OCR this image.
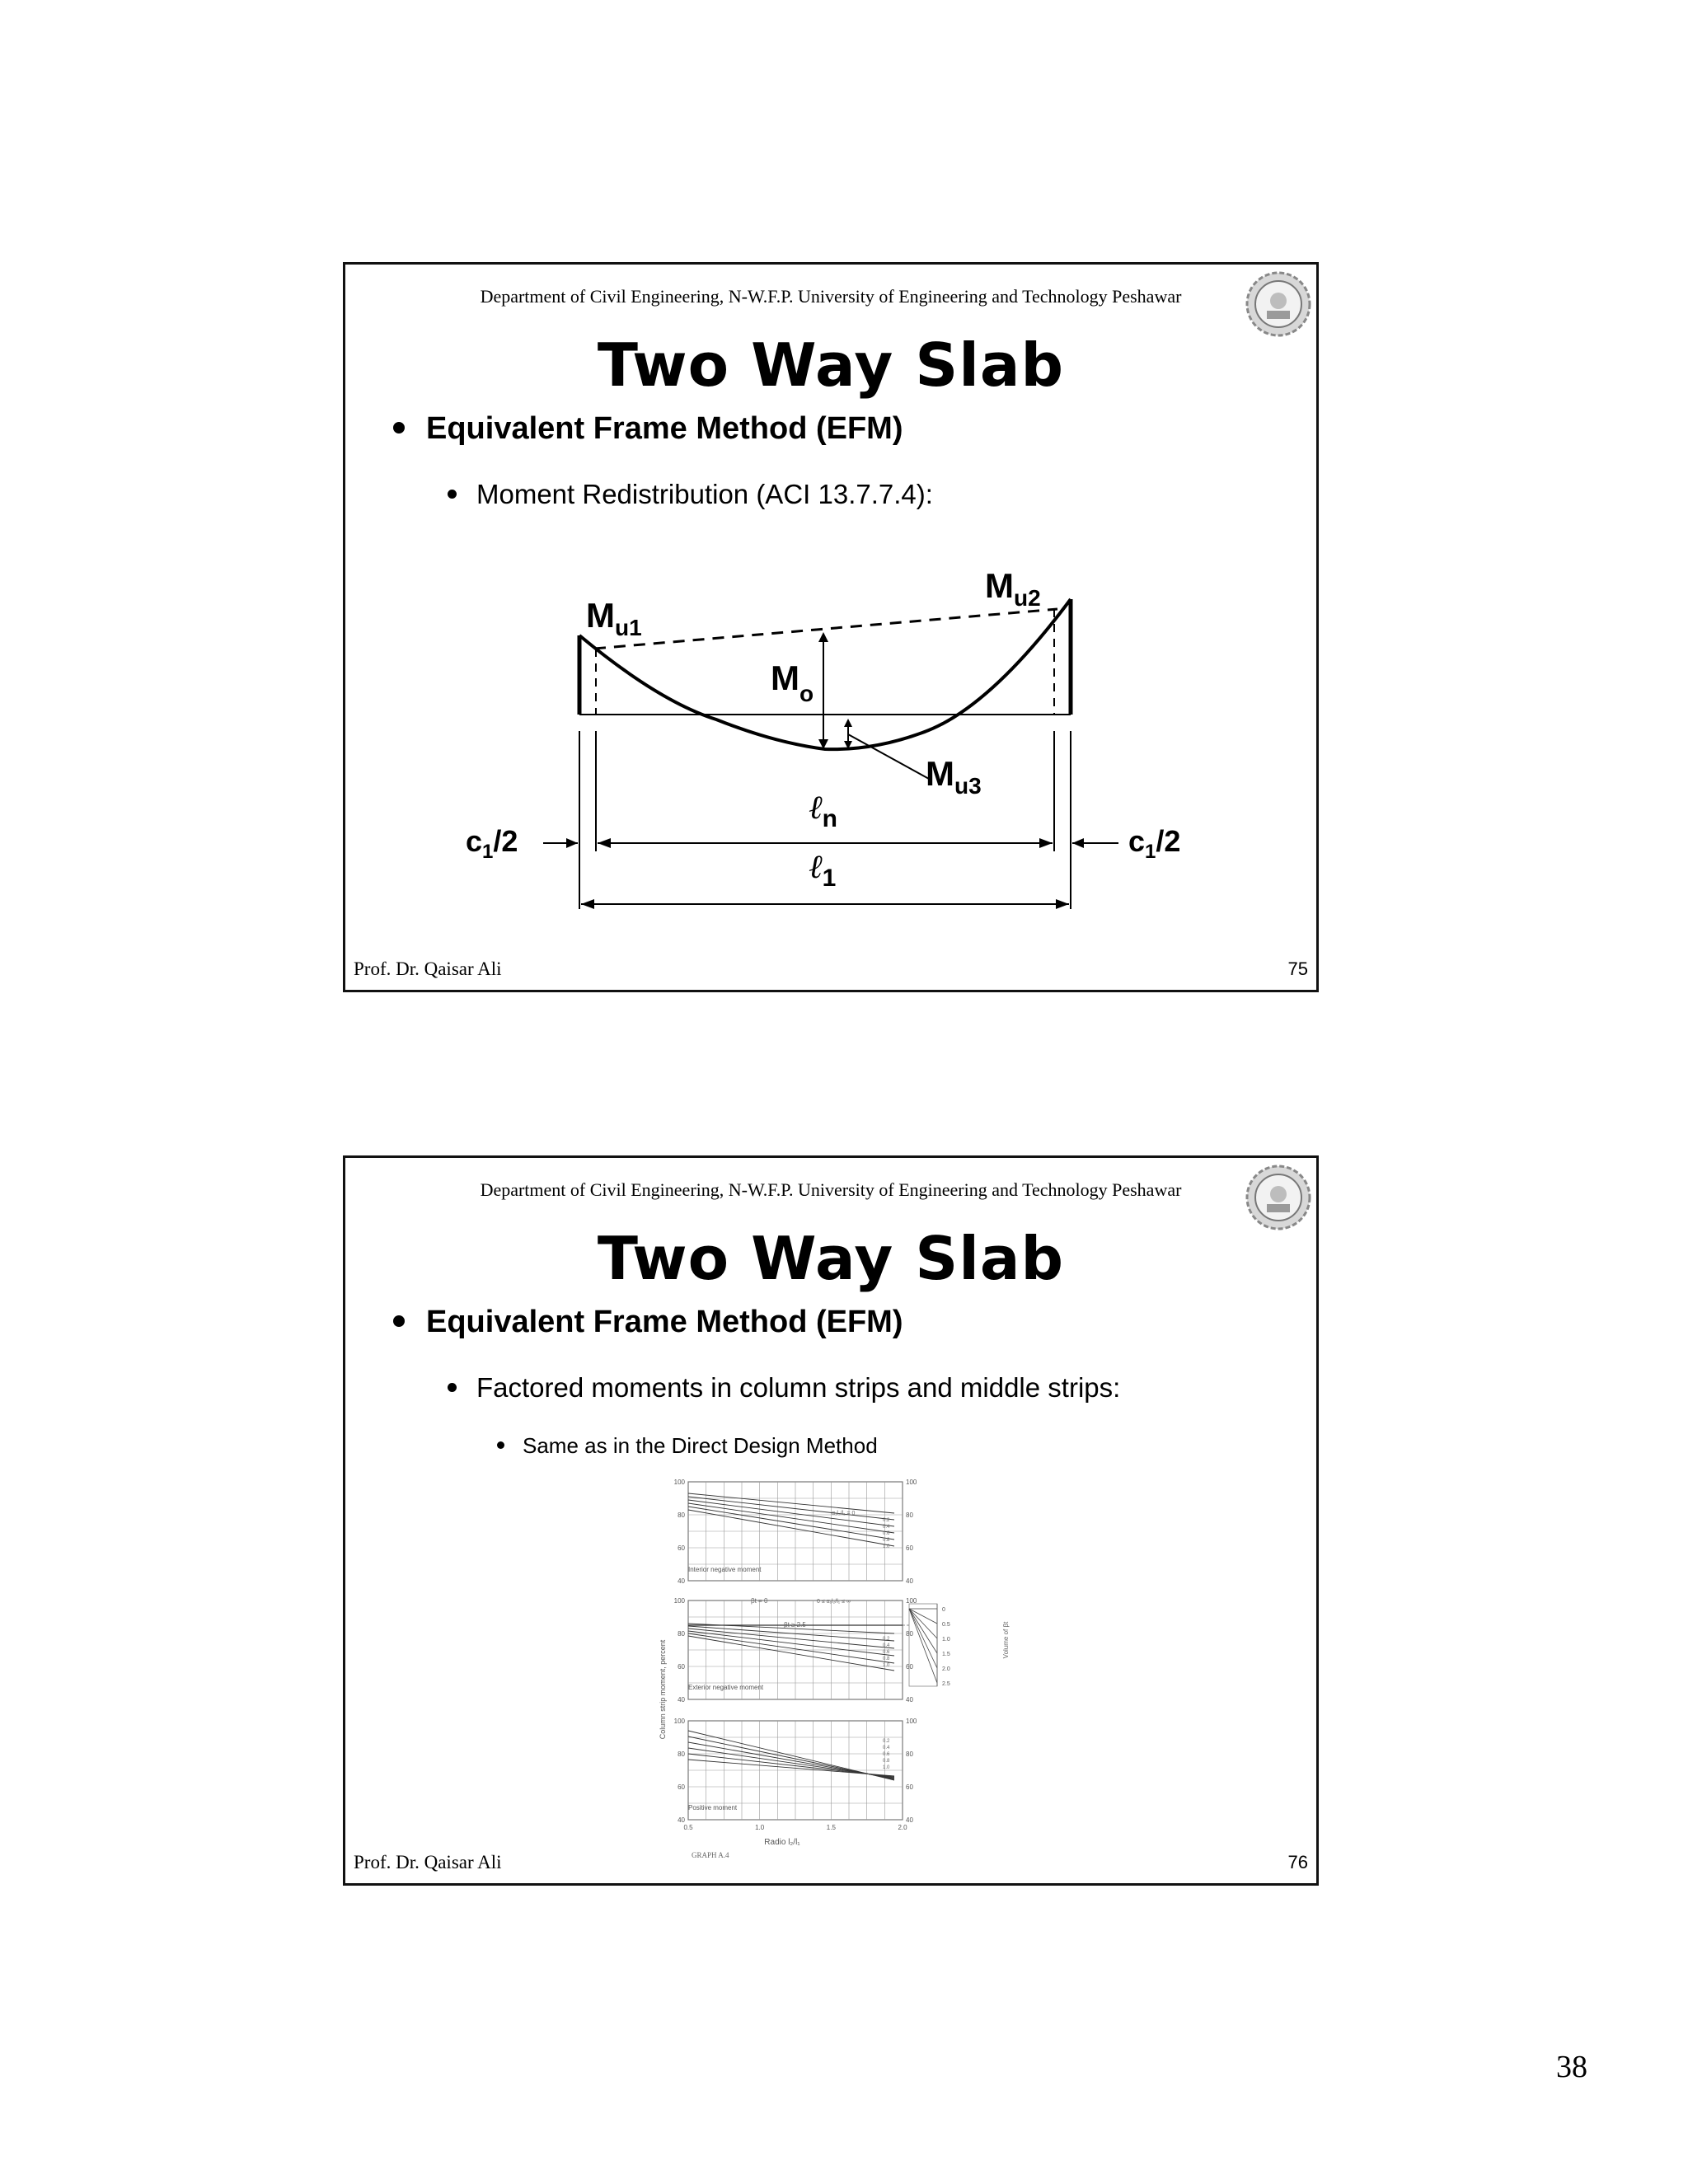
Department of Civil Engineering, N-W.F.P. University of Engineering and Technology Peshawar
Two Way Slab
Equivalent Frame Method (EFM)
Moment Redistribution (ACI 13.7.7.4):
$M_{u1}$
$M_{u2}$
$M_o$
$M_{u3}$
ℓ$_n$
ℓ$_1$
$c_1/2$	$c_1/2$
Prof. Dr. Qaisar Ali	75
Department of Civil Engineering, N-W.F.P. University of Engineering and Technology Peshawar
Two Way Slab
Equivalent Frame Method (EFM)
Factored moments in column strips and middle strips:
Same as in the Direct Design Method
100	100
80	80
60	60
40	40
0.2
0.4
0.6
0.8
1.0
100	100
80	80
60	60
40	40
0.2
0.4
0.6
0.8
1.0
100	100
80	80
60	60
40	40
0.2
0.4
0.6
0.8
1.0
0.5	1.0	1.5	2.0
0
0.5
1.0
1.5
2.0
2.5
Column strip moment, percent
Radio l₂/l₁
GRAPH A.4
Interior negative moment
Exterior negative moment
Positive moment
βt = 0
βt ≥ 2.5
α₁l₂/l₁ = 0
0 ≤ α₁l₂/l₁ ≤ ∞
Volume of βt
Prof. Dr. Qaisar Ali	76
38
